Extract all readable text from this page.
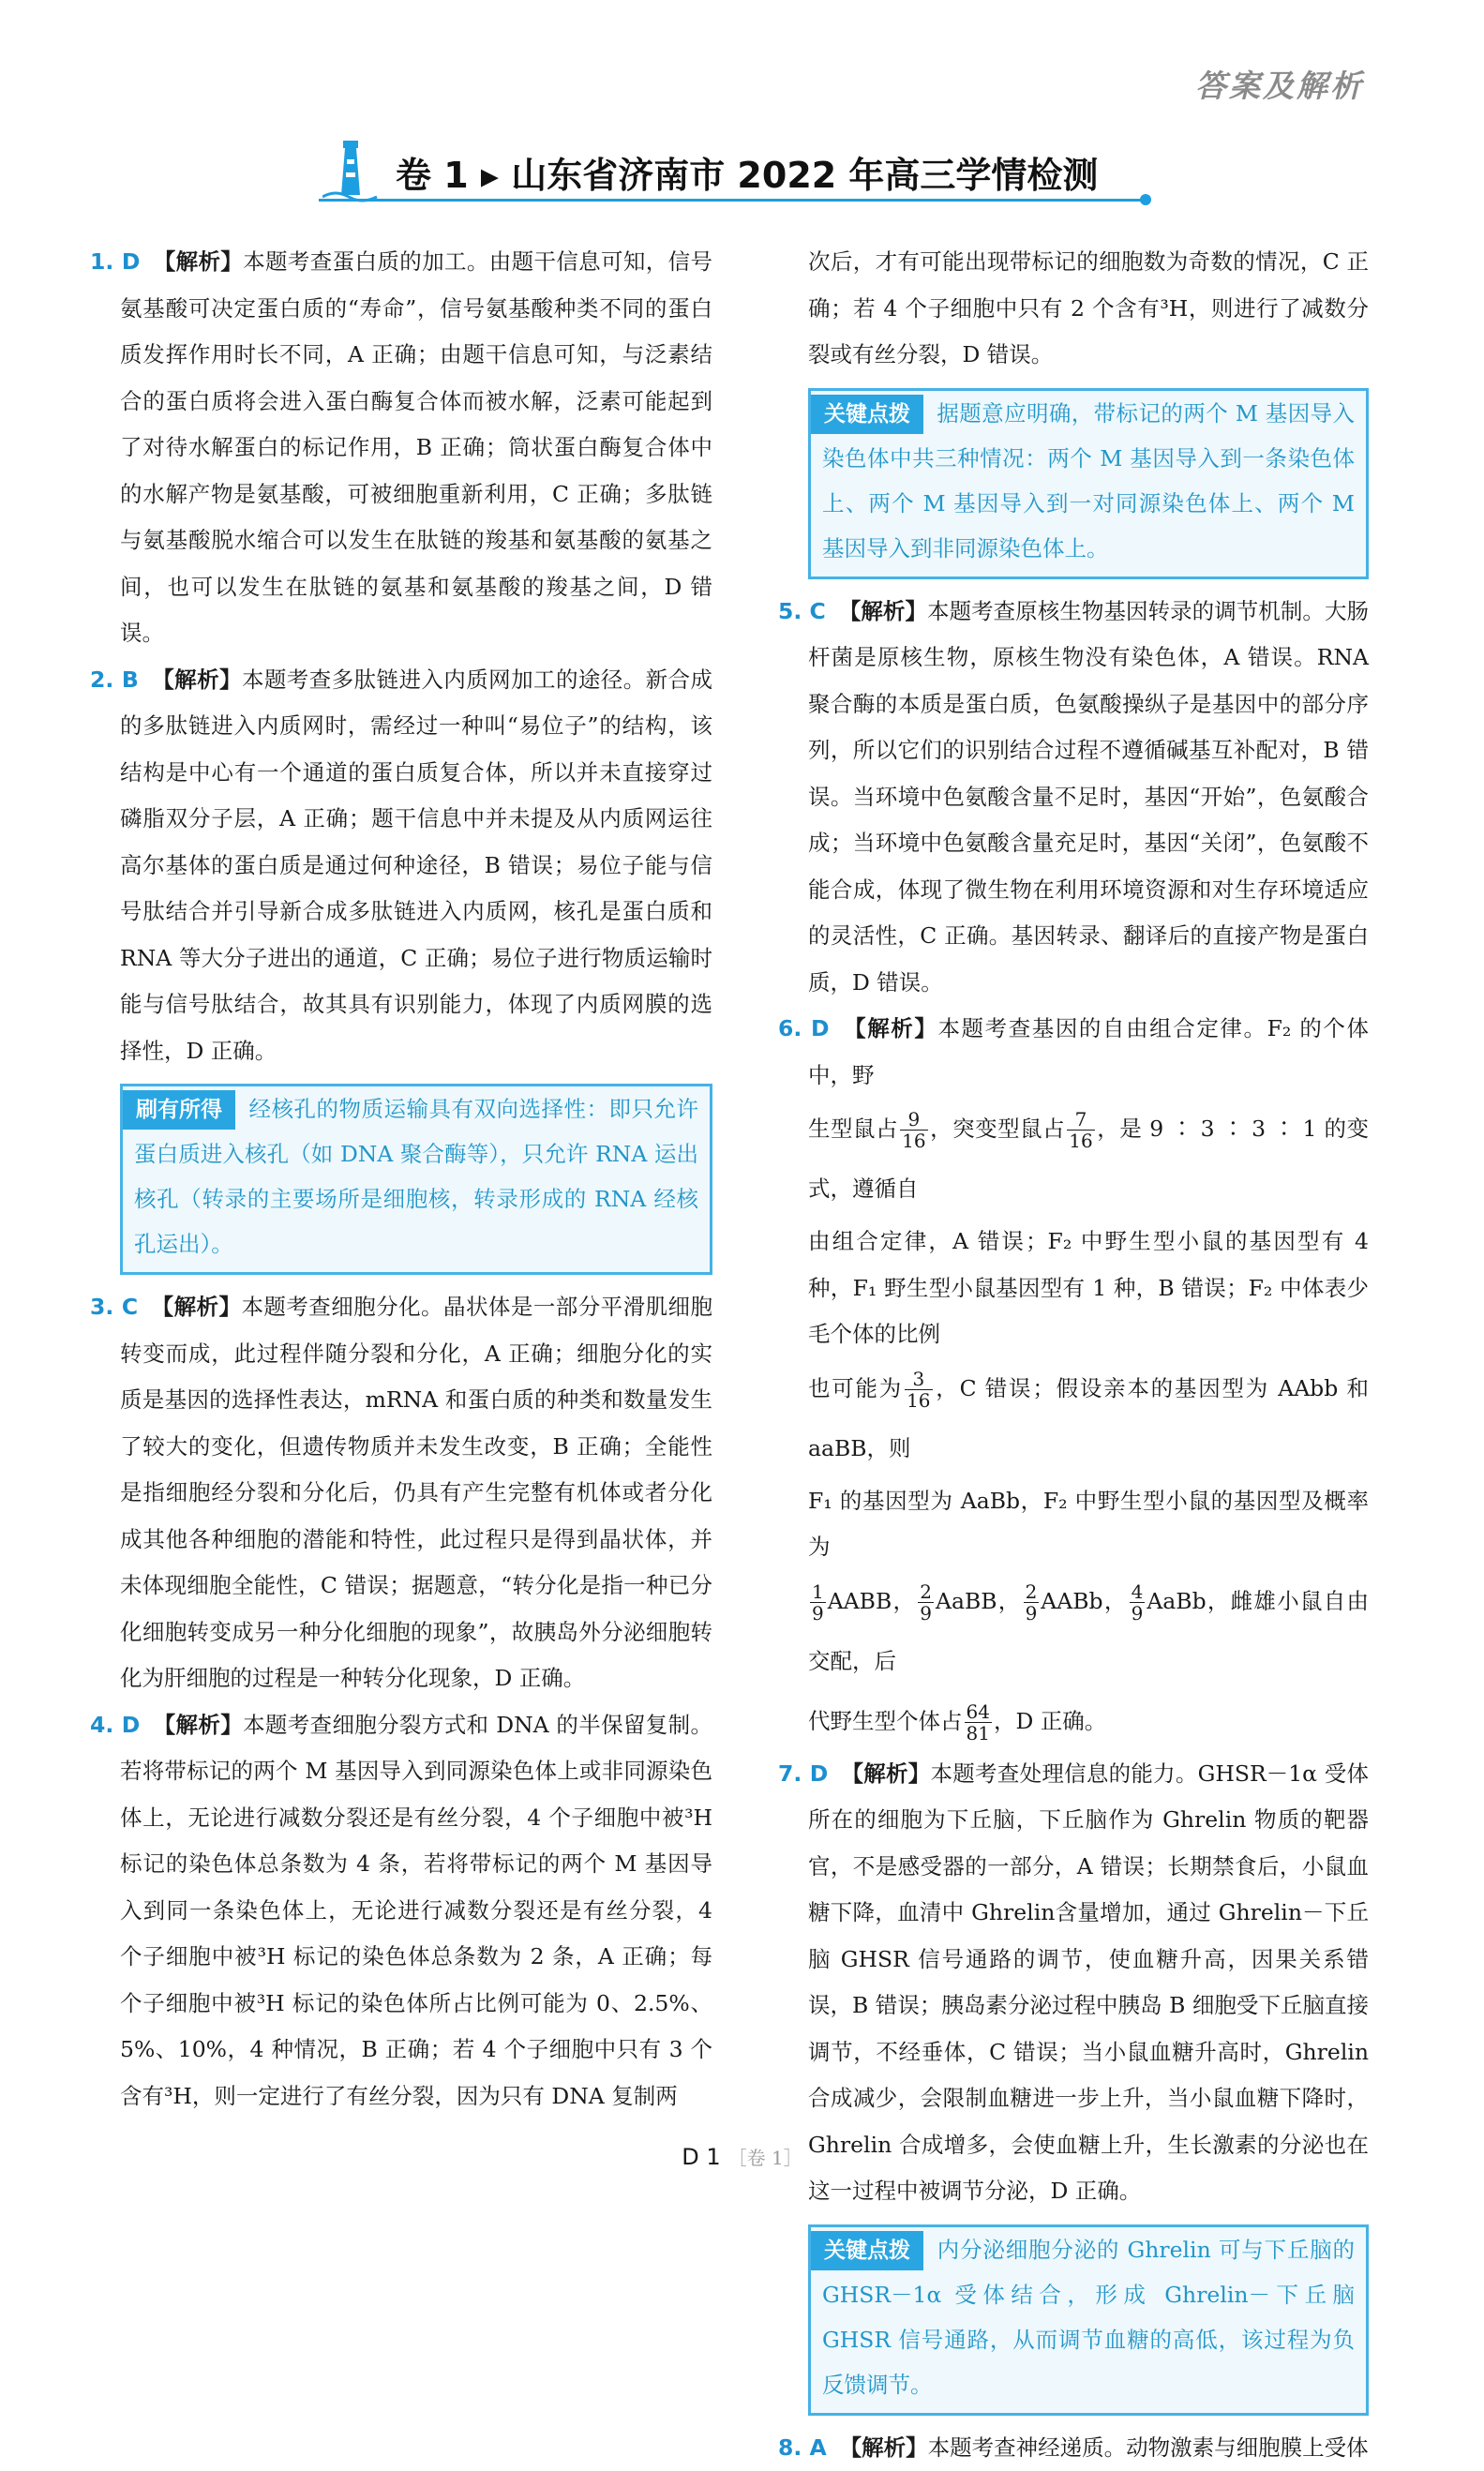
答案及解析
卷 1 ▸ 山东省济南市 2022 年高三学情检测

1. D 【解析】本题考查蛋白质的加工。由题干信息可知，信号氨基酸可决定蛋白质的“寿命”，信号氨基酸种类不同的蛋白质发挥作用时长不同，A 正确；由题干信息可知，与泛素结合的蛋白质将会进入蛋白酶复合体而被水解，泛素可能起到了对待水解蛋白的标记作用，B 正确；筒状蛋白酶复合体中的水解产物是氨基酸，可被细胞重新利用，C 正确；多肽链与氨基酸脱水缩合可以发生在肽链的羧基和氨基酸的氨基之间，也可以发生在肽链的氨基和氨基酸的羧基之间，D 错误。

2. B 【解析】本题考查多肽链进入内质网加工的途径。新合成的多肽链进入内质网时，需经过一种叫“易位子”的结构，该结构是中心有一个通道的蛋白质复合体，所以并未直接穿过磷脂双分子层，A 正确；题干信息中并未提及从内质网运往高尔基体的蛋白质是通过何种途径，B 错误；易位子能与信号肽结合并引导新合成多肽链进入内质网，核孔是蛋白质和 RNA 等大分子进出的通道，C 正确；易位子进行物质运输时能与信号肽结合，故其具有识别能力，体现了内质网膜的选择性，D 正确。

刷有所得 经核孔的物质运输具有双向选择性：即只允许蛋白质进入核孔（如 DNA 聚合酶等），只允许 RNA 运出核孔（转录的主要场所是细胞核，转录形成的 RNA 经核孔运出）。

3. C 【解析】本题考查细胞分化。晶状体是一部分平滑肌细胞转变而成，此过程伴随分裂和分化，A 正确；细胞分化的实质是基因的选择性表达，mRNA 和蛋白质的种类和数量发生了较大的变化，但遗传物质并未发生改变，B 正确；全能性是指细胞经分裂和分化后，仍具有产生完整有机体或者分化成其他各种细胞的潜能和特性，此过程只是得到晶状体，并未体现细胞全能性，C 错误；据题意，“转分化是指一种已分化细胞转变成另一种分化细胞的现象”，故胰岛外分泌细胞转化为肝细胞的过程是一种转分化现象，D 正确。

4. D 【解析】本题考查细胞分裂方式和 DNA 的半保留复制。若将带标记的两个 M 基因导入到同源染色体上或非同源染色体上，无论进行减数分裂还是有丝分裂，4 个子细胞中被³H 标记的染色体总条数为 4 条，若将带标记的两个 M 基因导入到同一条染色体上，无论进行减数分裂还是有丝分裂，4 个子细胞中被³H 标记的染色体总条数为 2 条，A 正确；每个子细胞中被³H 标记的染色体所占比例可能为 0、2.5%、5%、10%，4 种情况，B 正确；若 4 个子细胞中只有 3 个含有³H，则一定进行了有丝分裂，因为只有 DNA 复制两

次后，才有可能出现带标记的细胞数为奇数的情况，C 正确；若 4 个子细胞中只有 2 个含有³H，则进行了减数分裂或有丝分裂，D 错误。

关键点拨 据题意应明确，带标记的两个 M 基因导入染色体中共三种情况：两个 M 基因导入到一条染色体上、两个 M 基因导入到一对同源染色体上、两个 M 基因导入到非同源染色体上。

5. C 【解析】本题考查原核生物基因转录的调节机制。大肠杆菌是原核生物，原核生物没有染色体，A 错误。RNA 聚合酶的本质是蛋白质，色氨酸操纵子是基因中的部分序列，所以它们的识别结合过程不遵循碱基互补配对，B 错误。当环境中色氨酸含量不足时，基因“开始”，色氨酸合成；当环境中色氨酸含量充足时，基因“关闭”，色氨酸不能合成，体现了微生物在利用环境资源和对生存环境适应的灵活性，C 正确。基因转录、翻译后的直接产物是蛋白质，D 错误。

6. D 【解析】本题考查基因的自由组合定律。F₂ 的个体中，野

生型鼠占 $\frac{9}{16}$ ，突变型鼠占 $\frac{7}{16}$ ，是 9 ∶ 3 ∶ 3 ∶ 1 的变式，遵循自

由组合定律，A 错误；F₂ 中野生型小鼠的基因型有 4 种，F₁ 野生型小鼠基因型有 1 种，B 错误；F₂ 中体表少毛个体的比例

也可能为 $\frac{3}{16}$ ，C 错误；假设亲本的基因型为 AAbb 和 aaBB，则

F₁ 的基因型为 AaBb，F₂ 中野生型小鼠的基因型及概率为

$\frac{1}{9}$ AABB， $\frac{2}{9}$ AaBB， $\frac{2}{9}$ AABb， $\frac{4}{9}$ AaBb，雌雄小鼠自由交配，后

代野生型个体占 $\frac{64}{81}$ ，D 正确。

7. D 【解析】本题考查处理信息的能力。GHSR－1α 受体所在的细胞为下丘脑，下丘脑作为 Ghrelin 物质的靶器官，不是感受器的一部分，A 错误；长期禁食后，小鼠血糖下降，血清中 Ghrelin含量增加，通过 Ghrelin－下丘脑 GHSR 信号通路的调节，使血糖升高，因果关系错误，B 错误；胰岛素分泌过程中胰岛 B 细胞受下丘脑直接调节，不经垂体，C 错误；当小鼠血糖升高时，Ghrelin 合成减少，会限制血糖进一步上升，当小鼠血糖下降时，Ghrelin 合成增多，会使血糖上升，生长激素的分泌也在这一过程中被调节分泌，D 正确。

关键点拨 内分泌细胞分泌的 Ghrelin 可与下丘脑的 GHSR－1α 受体结合，形成 Ghrelin－下丘脑 GHSR 信号通路，从而调节血糖的高低，该过程为负反馈调节。

8. A 【解析】本题考查神经递质。动物激素与细胞膜上受体

D 1 ［卷 1］
